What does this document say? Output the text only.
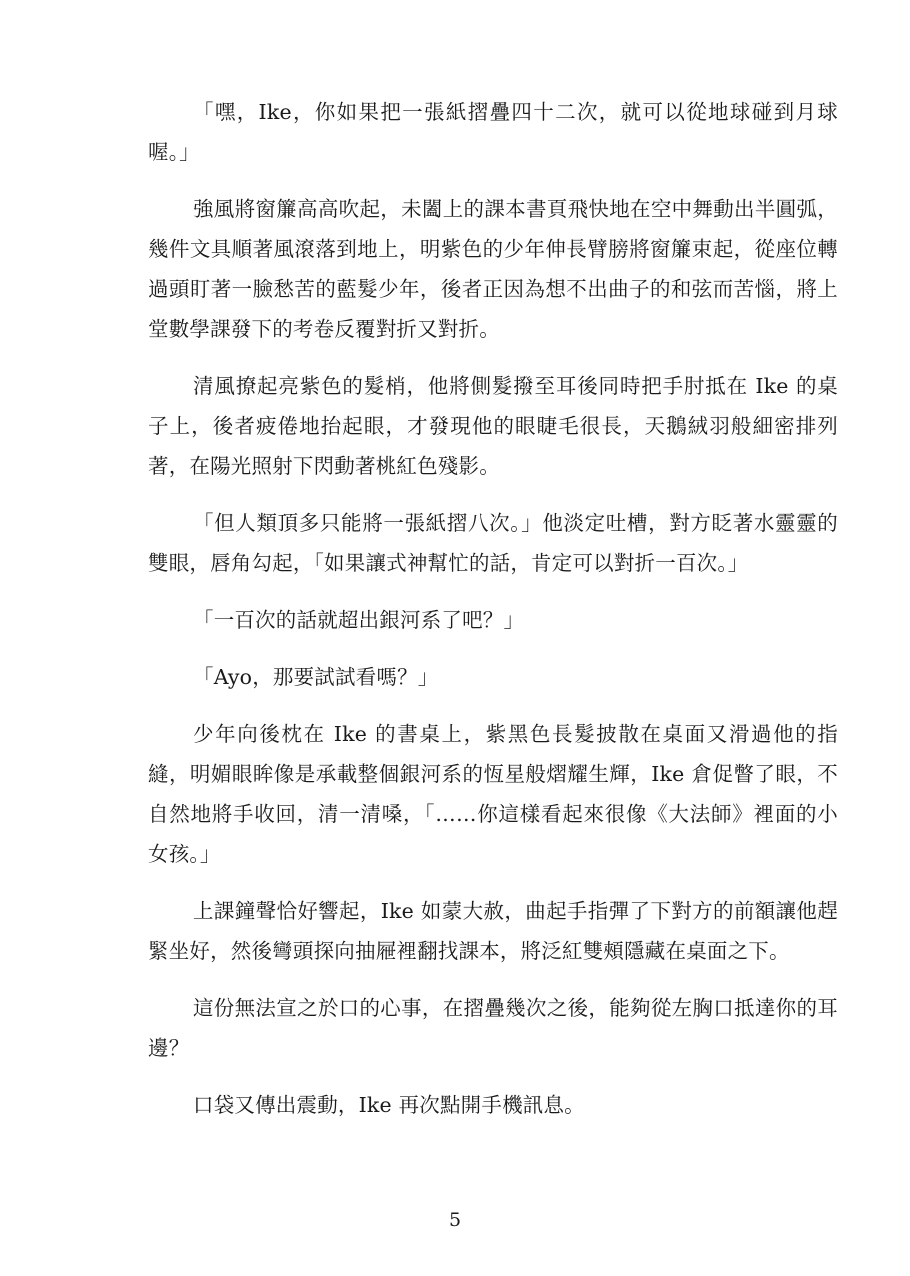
「嘿，Ike，你如果把一張紙摺疊四十二次，就可以從地球碰到月球喔。」

強風將窗簾高高吹起，未闔上的課本書頁飛快地在空中舞動出半圓弧，幾件文具順著風滾落到地上，明紫色的少年伸長臂膀將窗簾束起，從座位轉過頭盯著一臉愁苦的藍髮少年，後者正因為想不出曲子的和弦而苦惱，將上堂數學課發下的考卷反覆對折又對折。

清風撩起亮紫色的髮梢，他將側髮撥至耳後同時把手肘抵在 Ike 的桌子上，後者疲倦地抬起眼，才發現他的眼睫毛很長，天鵝絨羽般細密排列著，在陽光照射下閃動著桃紅色殘影。

「但人類頂多只能將一張紙摺八次。」他淡定吐槽，對方眨著水靈靈的雙眼，唇角勾起，「如果讓式神幫忙的話，肯定可以對折一百次。」

「一百次的話就超出銀河系了吧？」

「Ayo，那要試試看嗎？」

少年向後枕在 Ike 的書桌上，紫黑色長髮披散在桌面又滑過他的指縫，明媚眼眸像是承載整個銀河系的恆星般熠耀生輝，Ike 倉促瞥了眼，不自然地將手收回，清一清嗓，「……你這樣看起來很像《大法師》裡面的小女孩。」

上課鐘聲恰好響起，Ike 如蒙大赦，曲起手指彈了下對方的前額讓他趕緊坐好，然後彎頭探向抽屜裡翻找課本，將泛紅雙頰隱藏在桌面之下。

這份無法宣之於口的心事，在摺疊幾次之後，能夠從左胸口抵達你的耳邊？

口袋又傳出震動，Ike 再次點開手機訊息。

5
